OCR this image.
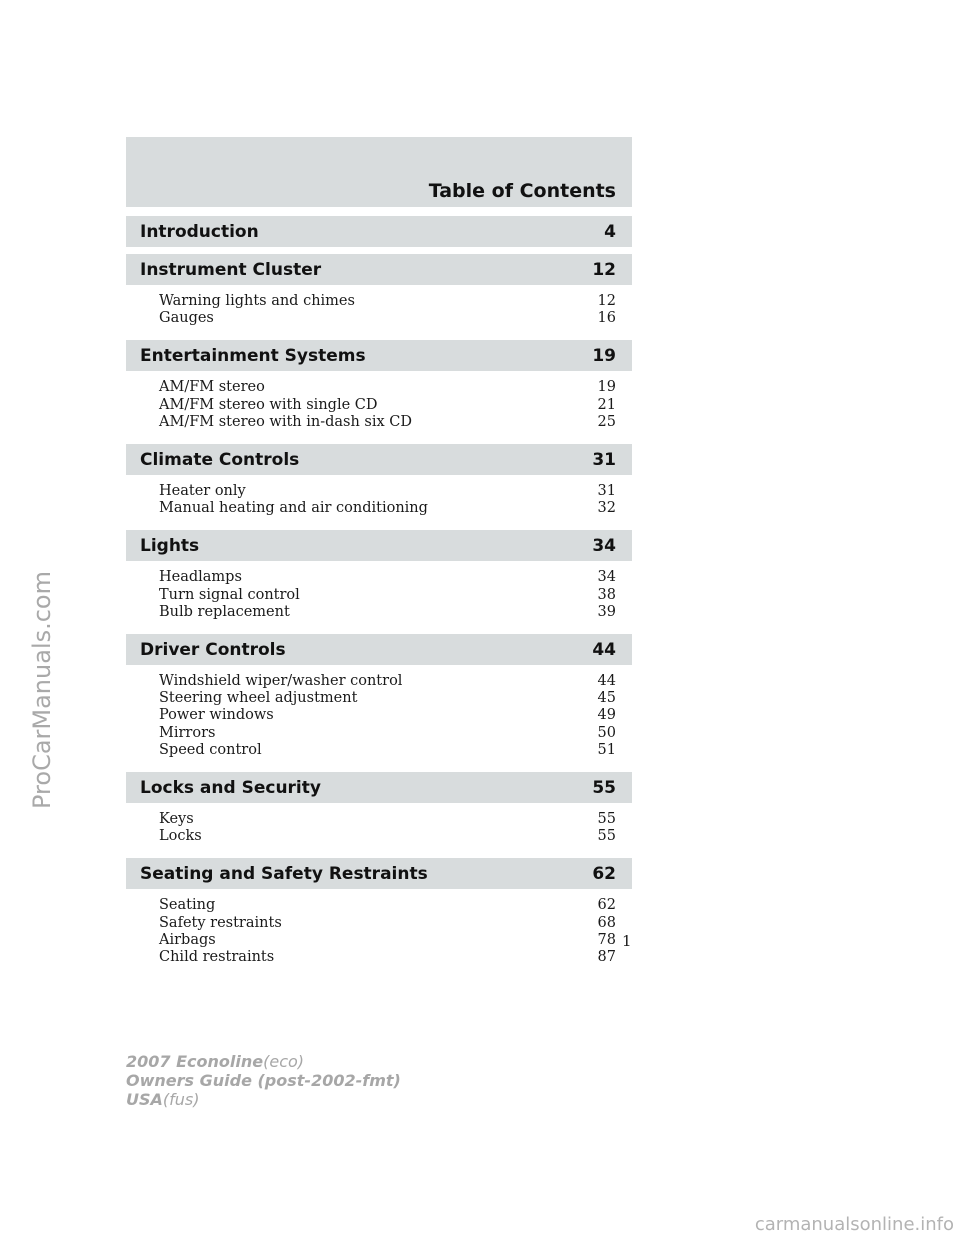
Table of Contents
Introduction	4
Instrument Cluster	12
Warning lights and chimes	12
Gauges	16
Entertainment Systems	19
AM/FM stereo	19
AM/FM stereo with single CD	21
AM/FM stereo with in-dash six CD	25
Climate Controls	31
Heater only	31
Manual heating and air conditioning	32
Lights	34
Headlamps	34
Turn signal control	38
Bulb replacement	39
Driver Controls	44
Windshield wiper/washer control	44
Steering wheel adjustment	45
Power windows	49
Mirrors	50
Speed control	51
Locks and Security	55
Keys	55
Locks	55
Seating and Safety Restraints	62
Seating	62
Safety restraints	68
Airbags	78
Child restraints	87
1
2007 Econoline(eco)
Owners Guide (post-2002-fmt)
USA(fus)
ProCarManuals.com
carmanualsonline.info
